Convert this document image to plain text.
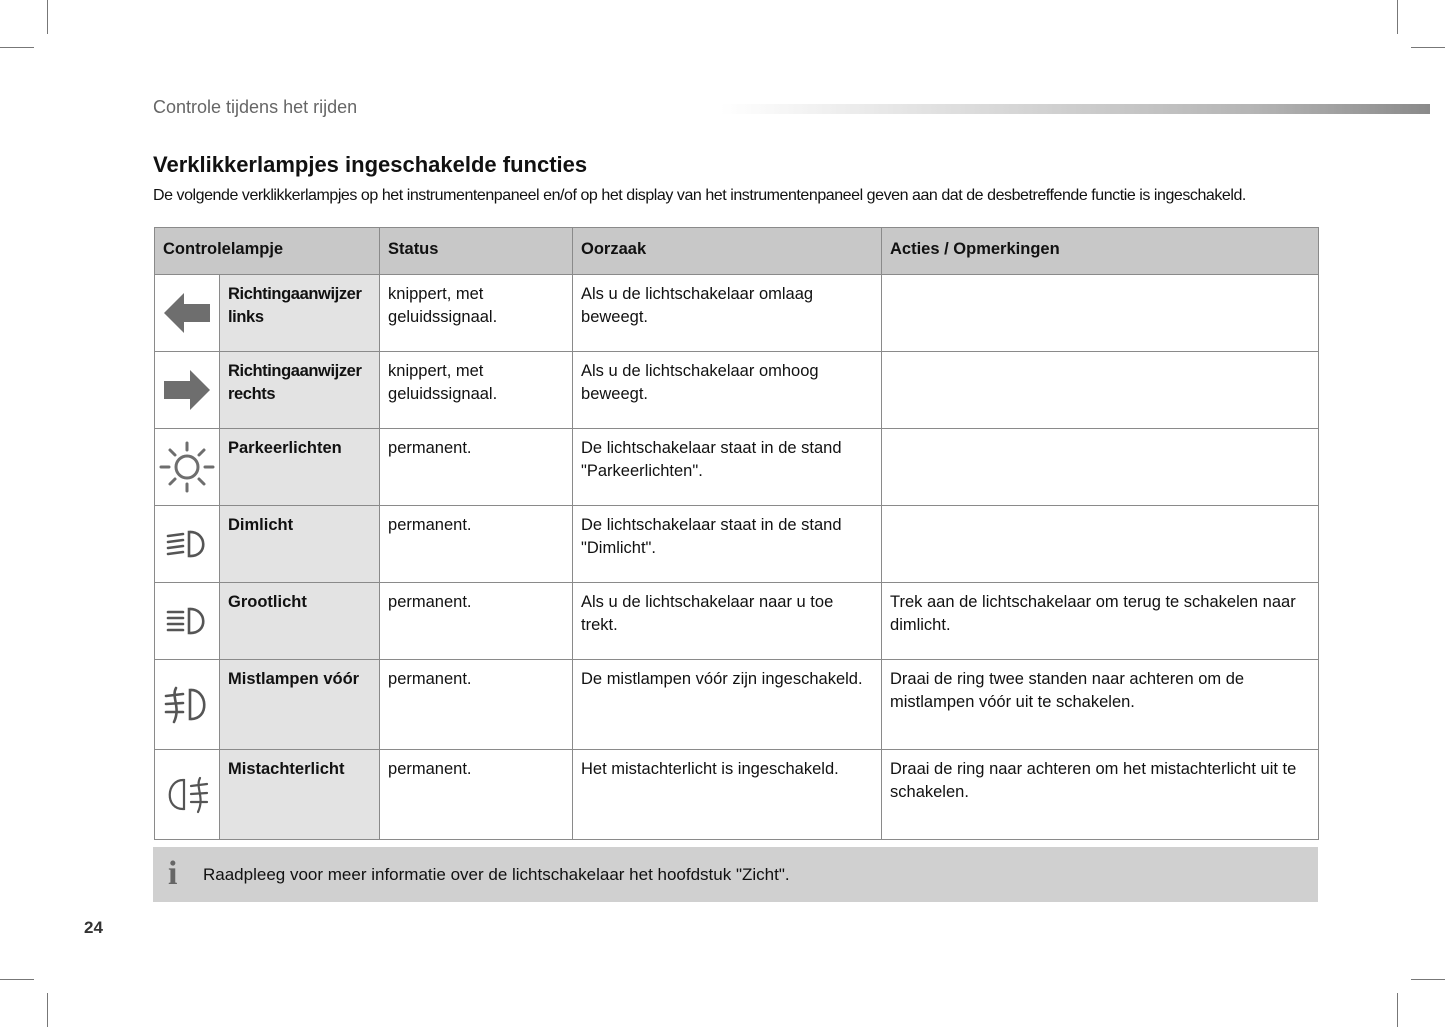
Controle tijdens het rijden
Verklikkerlampjes ingeschakelde functies
De volgende verklikkerlampjes op het instrumentenpaneel en/of op het display van het instrumentenpaneel geven aan dat de desbetreffende functie is ingeschakeld.
Controlelampje		Status	Oorzaak	Acties / Opmerkingen

	Richtingaanwijzer links	knippert, met geluidssignaal.	Als u de lichtschakelaar omlaag beweegt.	

	Richtingaanwijzer rechts	knippert, met geluidssignaal.	Als u de lichtschakelaar omhoog beweegt.	

	Parkeerlichten	permanent.	De lichtschakelaar staat in de stand "Parkeerlichten".	

	Dimlicht	permanent.	De lichtschakelaar staat in de stand "Dimlicht".	

	Grootlicht	permanent.	Als u de lichtschakelaar naar u toe trekt.	Trek aan de lichtschakelaar om terug te schakelen naar dimlicht.

	Mistlampen vóór	permanent.	De mistlampen vóór zijn ingeschakeld.	Draai de ring twee standen naar achteren om de mistlampen vóór uit te schakelen.

	Mistachterlicht	permanent.	Het mistachterlicht is ingeschakeld.	Draai de ring naar achteren om het mistachterlicht uit te schakelen.
i Raadpleeg voor meer informatie over de lichtschakelaar het hoofdstuk "Zicht".
24
